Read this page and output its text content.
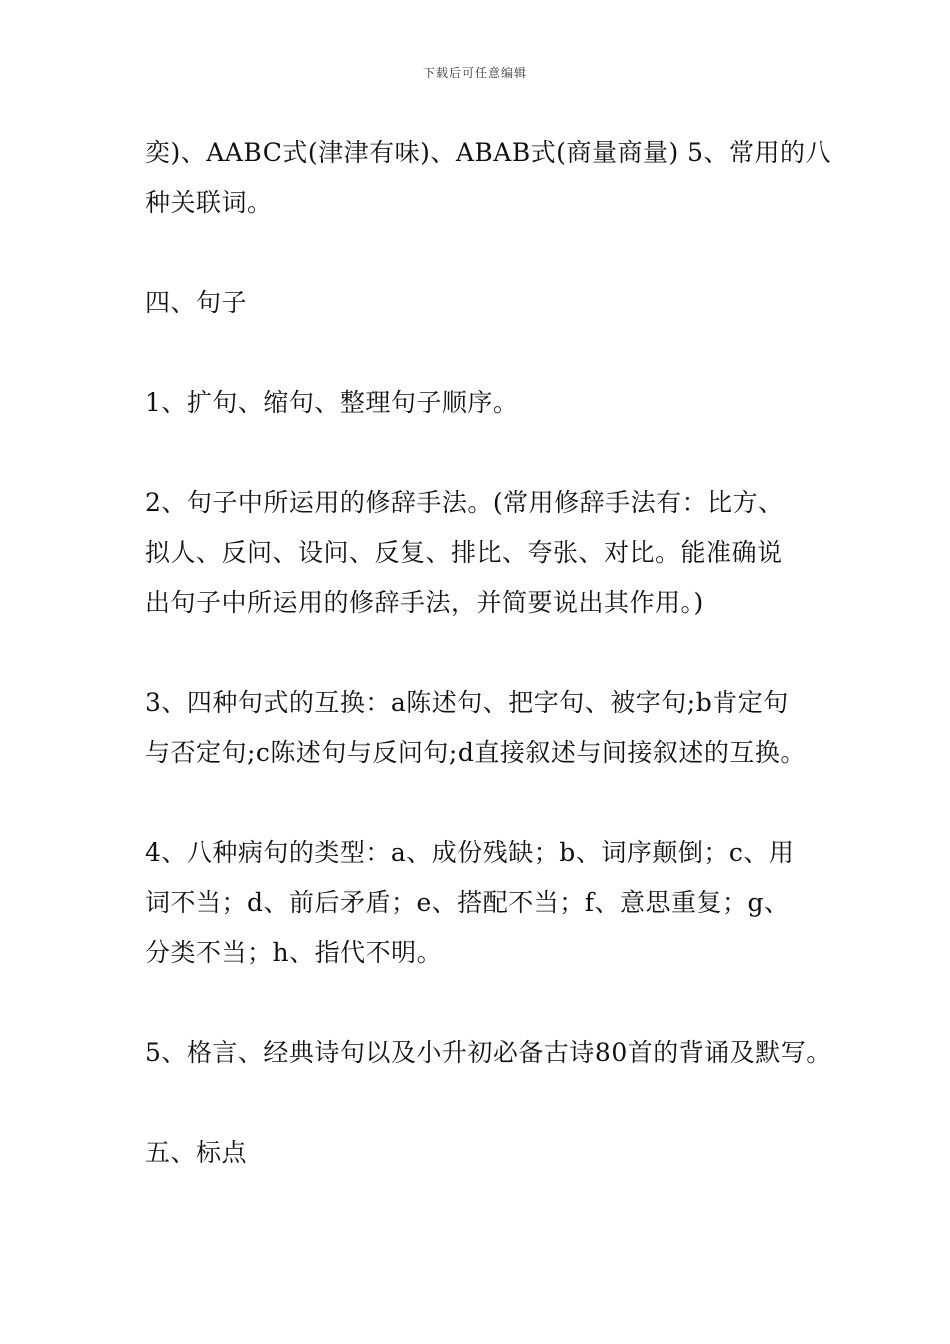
下载后可任意编辑
奕)、AABC式(津津有味)、ABAB式(商量商量) 5、常用的八
种关联词。
四、句子
1、扩句、缩句、整理句子顺序。
2、句子中所运用的修辞手法。(常用修辞手法有：比方、
拟人、反问、设问、反复、排比、夸张、对比。能准确说
出句子中所运用的修辞手法，并简要说出其作用。)
3、四种句式的互换：a陈述句、把字句、被字句;b肯定句
与否定句;c陈述句与反问句;d直接叙述与间接叙述的互换。
4、八种病句的类型：a、成份残缺；b、词序颠倒；c、用
词不当；d、前后矛盾；e、搭配不当；f、意思重复；g、
分类不当；h、指代不明。
5、格言、经典诗句以及小升初必备古诗80首的背诵及默写。
五、标点
